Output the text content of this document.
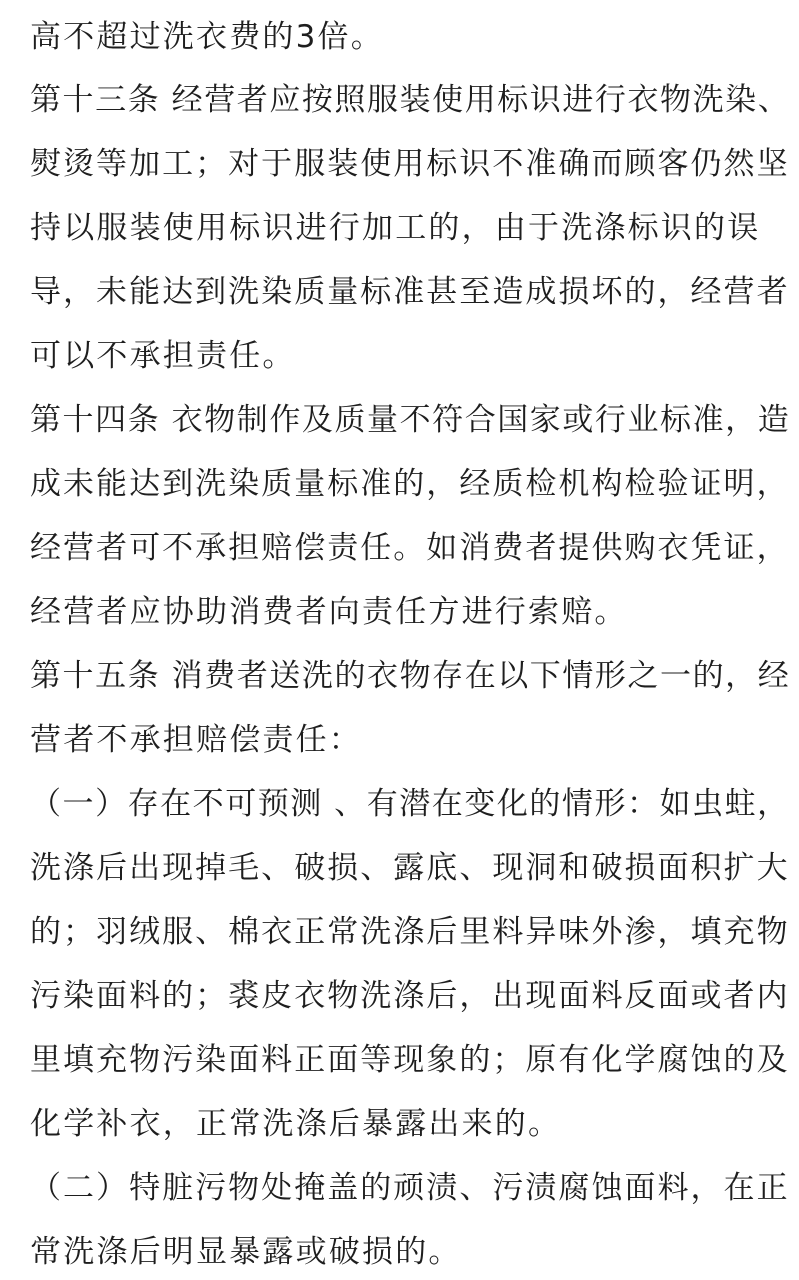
高不超过洗衣费的3倍。
第十三条 经营者应按照服装使用标识进行衣物洗染、
熨烫等加工；对于服装使用标识不准确而顾客仍然坚
持以服装使用标识进行加工的，由于洗涤标识的误
导，未能达到洗染质量标准甚至造成损坏的，经营者
可以不承担责任。
第十四条 衣物制作及质量不符合国家或行业标准，造
成未能达到洗染质量标准的，经质检机构检验证明，
经营者可不承担赔偿责任。如消费者提供购衣凭证，
经营者应协助消费者向责任方进行索赔。
第十五条 消费者送洗的衣物存在以下情形之一的，经
营者不承担赔偿责任：
（一）存在不可预测 、有潜在变化的情形：如虫蛀，
洗涤后出现掉毛、破损、露底、现洞和破损面积扩大
的；羽绒服、棉衣正常洗涤后里料异味外渗，填充物
污染面料的；裘皮衣物洗涤后，出现面料反面或者内
里填充物污染面料正面等现象的；原有化学腐蚀的及
化学补衣，正常洗涤后暴露出来的。
（二）特脏污物处掩盖的顽渍、污渍腐蚀面料，在正
常洗涤后明显暴露或破损的。
